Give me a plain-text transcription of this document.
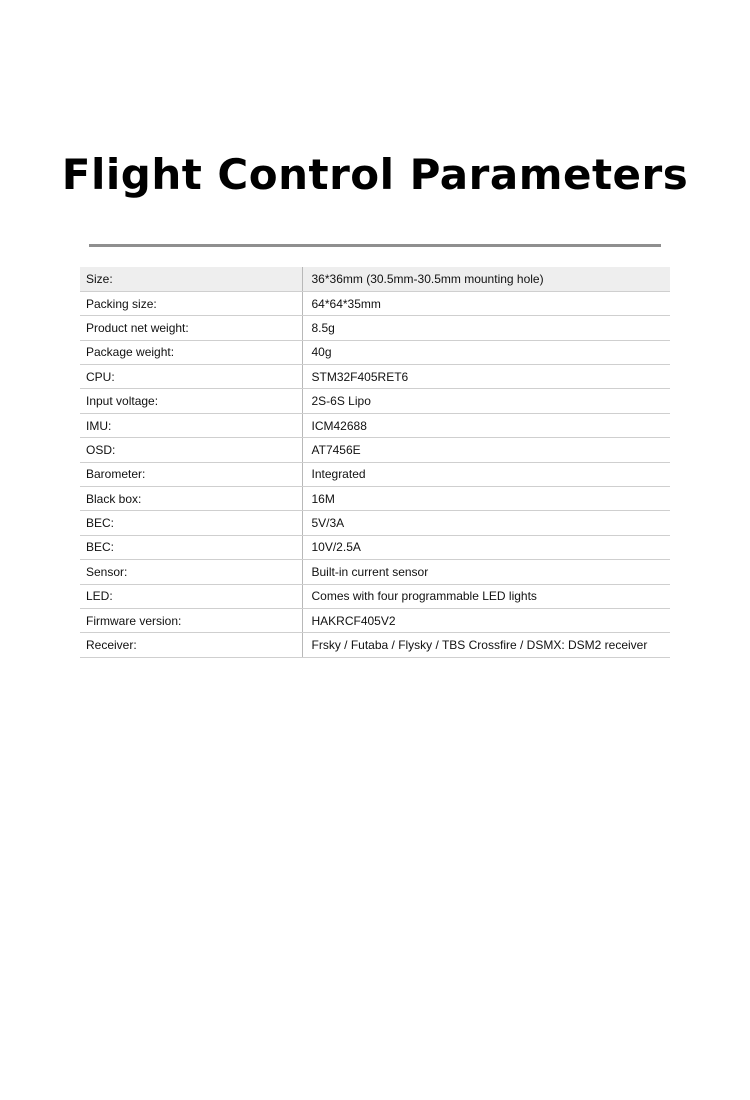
Flight Control Parameters
Size:	36*36mm (30.5mm-30.5mm mounting hole)
Packing size:	64*64*35mm
Product net weight:	8.5g
Package weight:	40g
CPU:	STM32F405RET6
Input voltage:	2S-6S Lipo
IMU:	ICM42688
OSD:	AT7456E
Barometer:	Integrated
Black box:	16M
BEC:	5V/3A
BEC:	10V/2.5A
Sensor:	Built-in current sensor
LED:	Comes with four programmable LED lights
Firmware version:	HAKRCF405V2
Receiver:	Frsky / Futaba / Flysky / TBS Crossfire / DSMX: DSM2 receiver
